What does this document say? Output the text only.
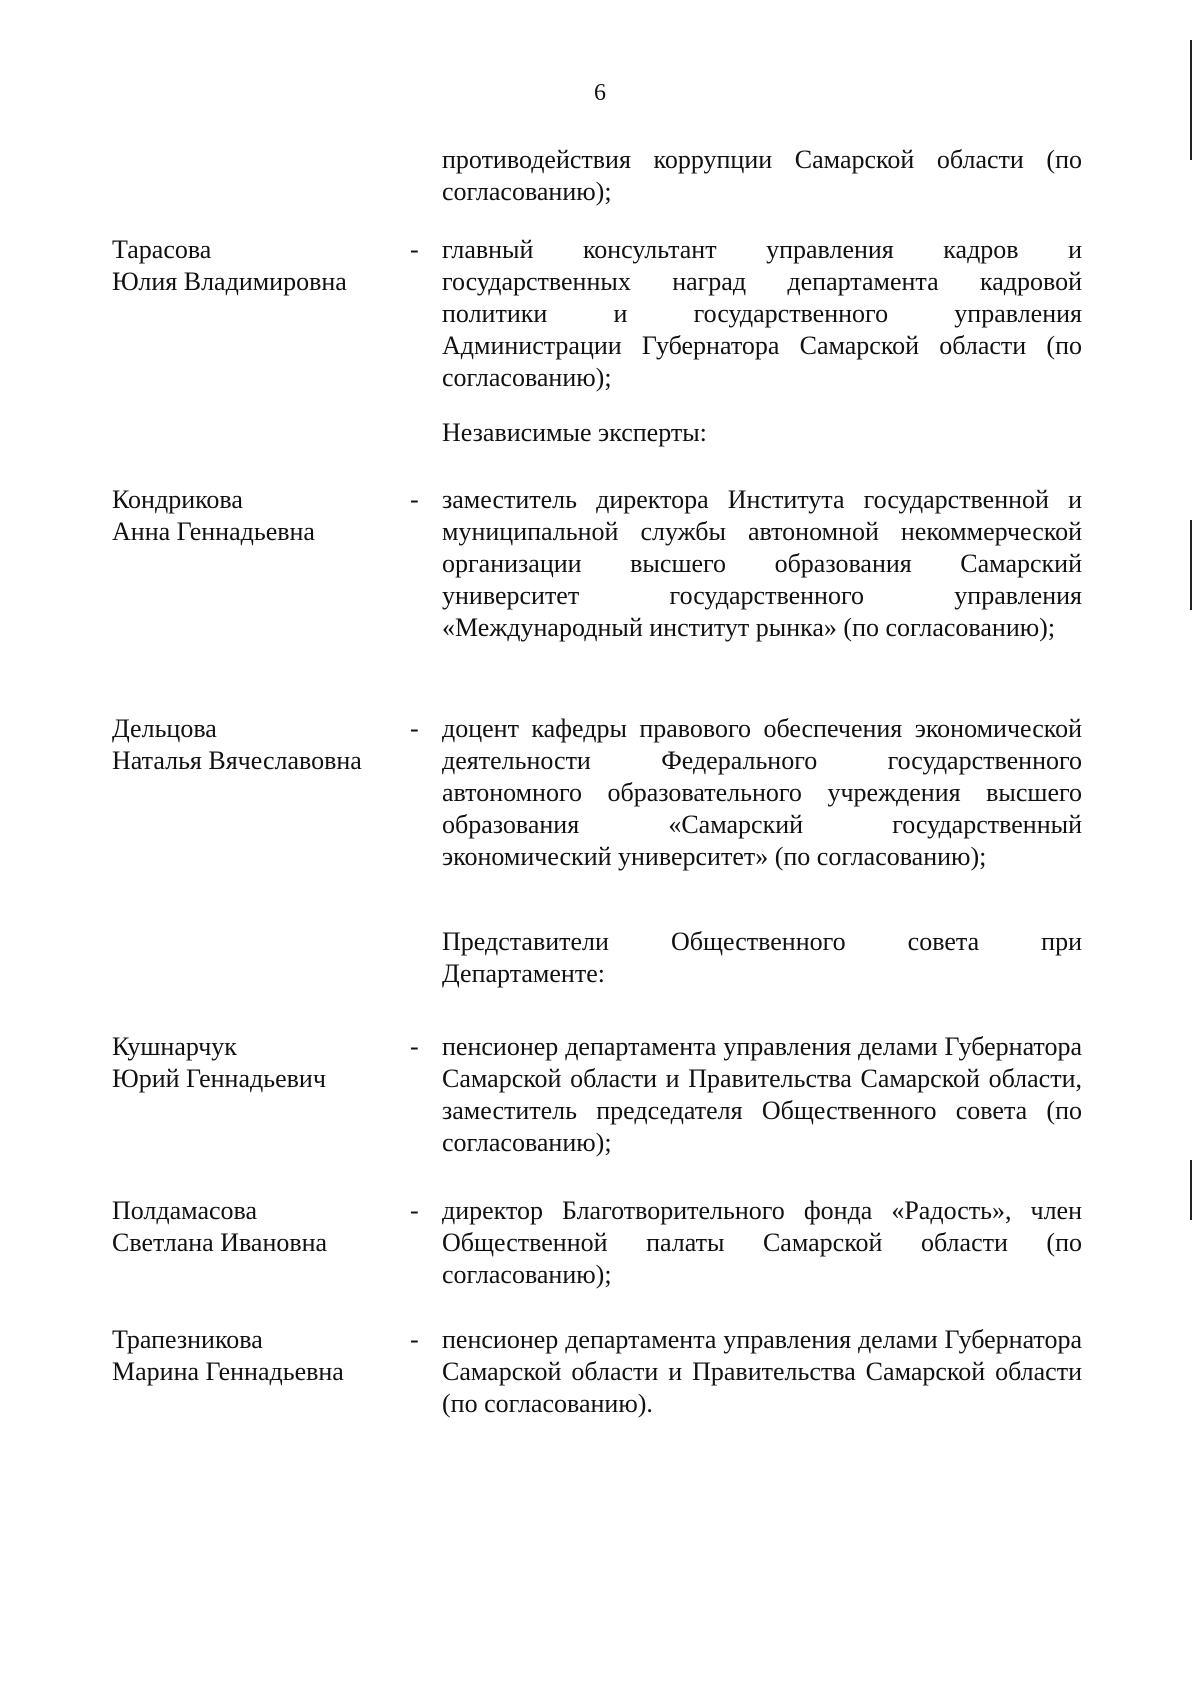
6
противодействия коррупции Самарской области (по согласованию);
Тарасова
Юлия Владимировна
- главный консультант управления кадров и государственных наград департамента кадровой политики и государственного управления Администрации Губернатора Самарской области (по согласованию);
Независимые эксперты:
Кондрикова
Анна Геннадьевна
- заместитель директора Института государственной и муниципальной службы автономной некоммерческой организации высшего образования Самарский университет государственного управления «Международный институт рынка» (по согласованию);
Дельцова
Наталья Вячеславовна
- доцент кафедры правового обеспечения экономической деятельности Федерального государственного автономного образовательного учреждения высшего образования «Самарский государственный экономический университет» (по согласованию);
Представители Общественного совета при Департаменте:
Кушнарчук
Юрий Геннадьевич
- пенсионер департамента управления делами Губернатора Самарской области и Правительства Самарской области, заместитель председателя Общественного совета (по согласованию);
Полдамасова
Светлана Ивановна
- директор Благотворительного фонда «Радость», член Общественной палаты Самарской области (по согласованию);
Трапезникова
Марина Геннадьевна
- пенсионер департамента управления делами Губернатора Самарской области и Правительства Самарской области (по согласованию).
